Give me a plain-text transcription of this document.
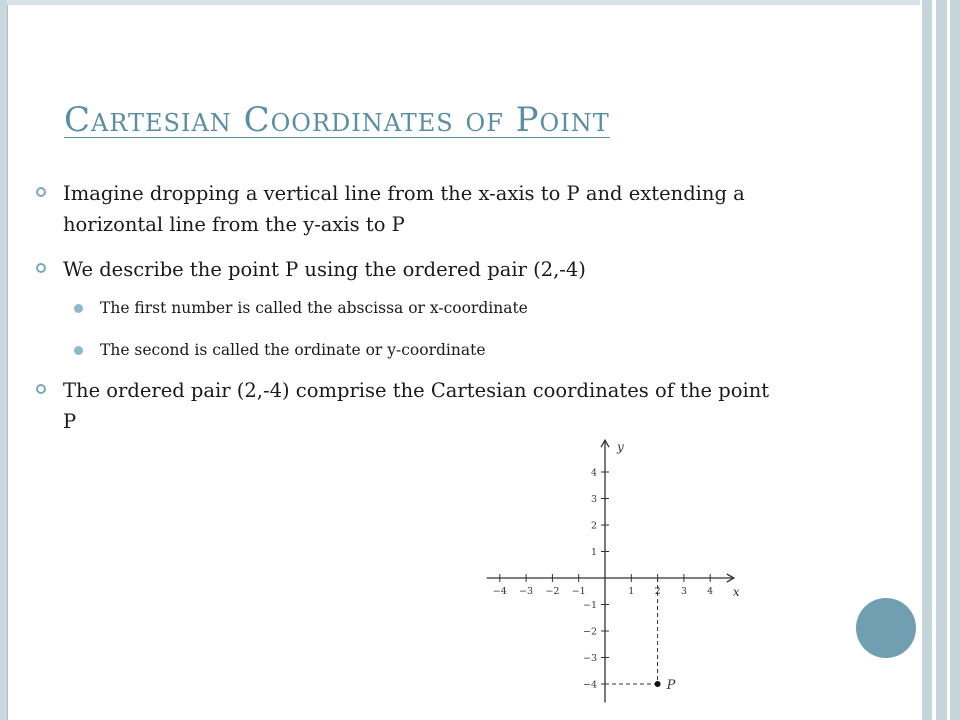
Cartesian Coordinates of Point
Imagine dropping a vertical line from the x-axis to P and extending a horizontal line from the y-axis to P
We describe the point P using the ordered pair (2,-4)
The first number is called the abscissa or x-coordinate
The second is called the ordinate or y-coordinate
The ordered pair (2,-4) comprise the Cartesian coordinates of the point P
x
y
−4 −3 −2 −1	1 2 3 4
4
3
2
1
−1
−2
−3
−4	P
